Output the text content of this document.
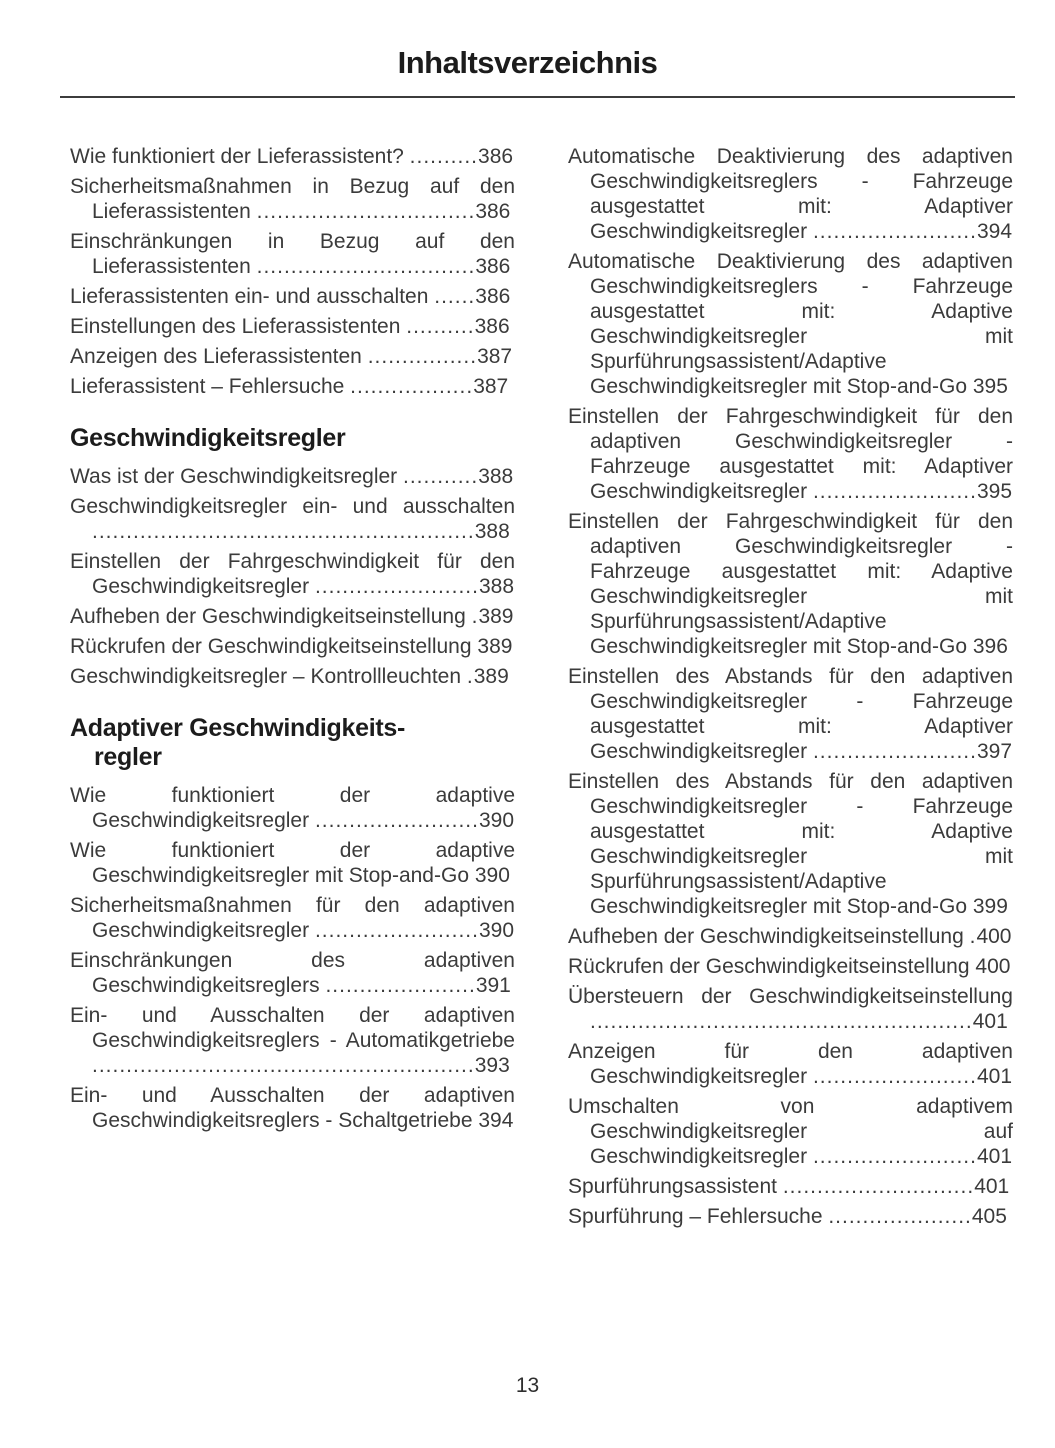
Inhaltsverzeichnis
Wie funktioniert der Lieferassistent? ..........386
Sicherheitsmaßnahmen in Bezug auf den Lieferassistenten ................................386
Einschränkungen in Bezug auf den Lieferassistenten ................................386
Lieferassistenten ein- und ausschalten ......386
Einstellungen des Lieferassistenten ..........386
Anzeigen des Lieferassistenten ................387
Lieferassistent – Fehlersuche ..................387
Geschwindigkeitsregler
Was ist der Geschwindigkeitsregler ...........388
Geschwindigkeitsregler ein- und ausschalten ........................................................388
Einstellen der Fahrgeschwindigkeit für den Geschwindigkeitsregler ........................388
Aufheben der Geschwindigkeitseinstellung .389
Rückrufen der Geschwindigkeitseinstellung 389
Geschwindigkeitsregler – Kontrollleuchten .389
Adaptiver Geschwindigkeits-
regler
Wie funktioniert der adaptive Geschwindigkeitsregler ........................390
Wie funktioniert der adaptive Geschwindigkeitsregler mit Stop-and-Go 390
Sicherheitsmaßnahmen für den adaptiven Geschwindigkeitsregler ........................390
Einschränkungen des adaptiven Geschwindigkeitsreglers ......................391
Ein- und Ausschalten der adaptiven Geschwindigkeitsreglers - Automatikgetriebe ........................................................393
Ein- und Ausschalten der adaptiven Geschwindigkeitsreglers - Schaltgetriebe 394
Automatische Deaktivierung des adaptiven Geschwindigkeitsreglers - Fahrzeuge ausgestattet mit: Adaptiver Geschwindigkeitsregler ........................394
Automatische Deaktivierung des adaptiven Geschwindigkeitsreglers - Fahrzeuge ausgestattet mit: Adaptive Geschwindigkeitsregler mit Spurführungsassistent/Adaptive Geschwindigkeitsregler mit Stop-and-Go 395
Einstellen der Fahrgeschwindigkeit für den adaptiven Geschwindigkeitsregler - Fahrzeuge ausgestattet mit: Adaptiver Geschwindigkeitsregler ........................395
Einstellen der Fahrgeschwindigkeit für den adaptiven Geschwindigkeitsregler - Fahrzeuge ausgestattet mit: Adaptive Geschwindigkeitsregler mit Spurführungsassistent/Adaptive Geschwindigkeitsregler mit Stop-and-Go 396
Einstellen des Abstands für den adaptiven Geschwindigkeitsregler - Fahrzeuge ausgestattet mit: Adaptiver Geschwindigkeitsregler ........................397
Einstellen des Abstands für den adaptiven Geschwindigkeitsregler - Fahrzeuge ausgestattet mit: Adaptive Geschwindigkeitsregler mit Spurführungsassistent/Adaptive Geschwindigkeitsregler mit Stop-and-Go 399
Aufheben der Geschwindigkeitseinstellung .400
Rückrufen der Geschwindigkeitseinstellung 400
Übersteuern der Geschwindigkeitseinstellung ........................................................401
Anzeigen für den adaptiven Geschwindigkeitsregler ........................401
Umschalten von adaptivem Geschwindigkeitsregler auf Geschwindigkeitsregler ........................401
Spurführungsassistent ............................401
Spurführung – Fehlersuche .....................405
13
